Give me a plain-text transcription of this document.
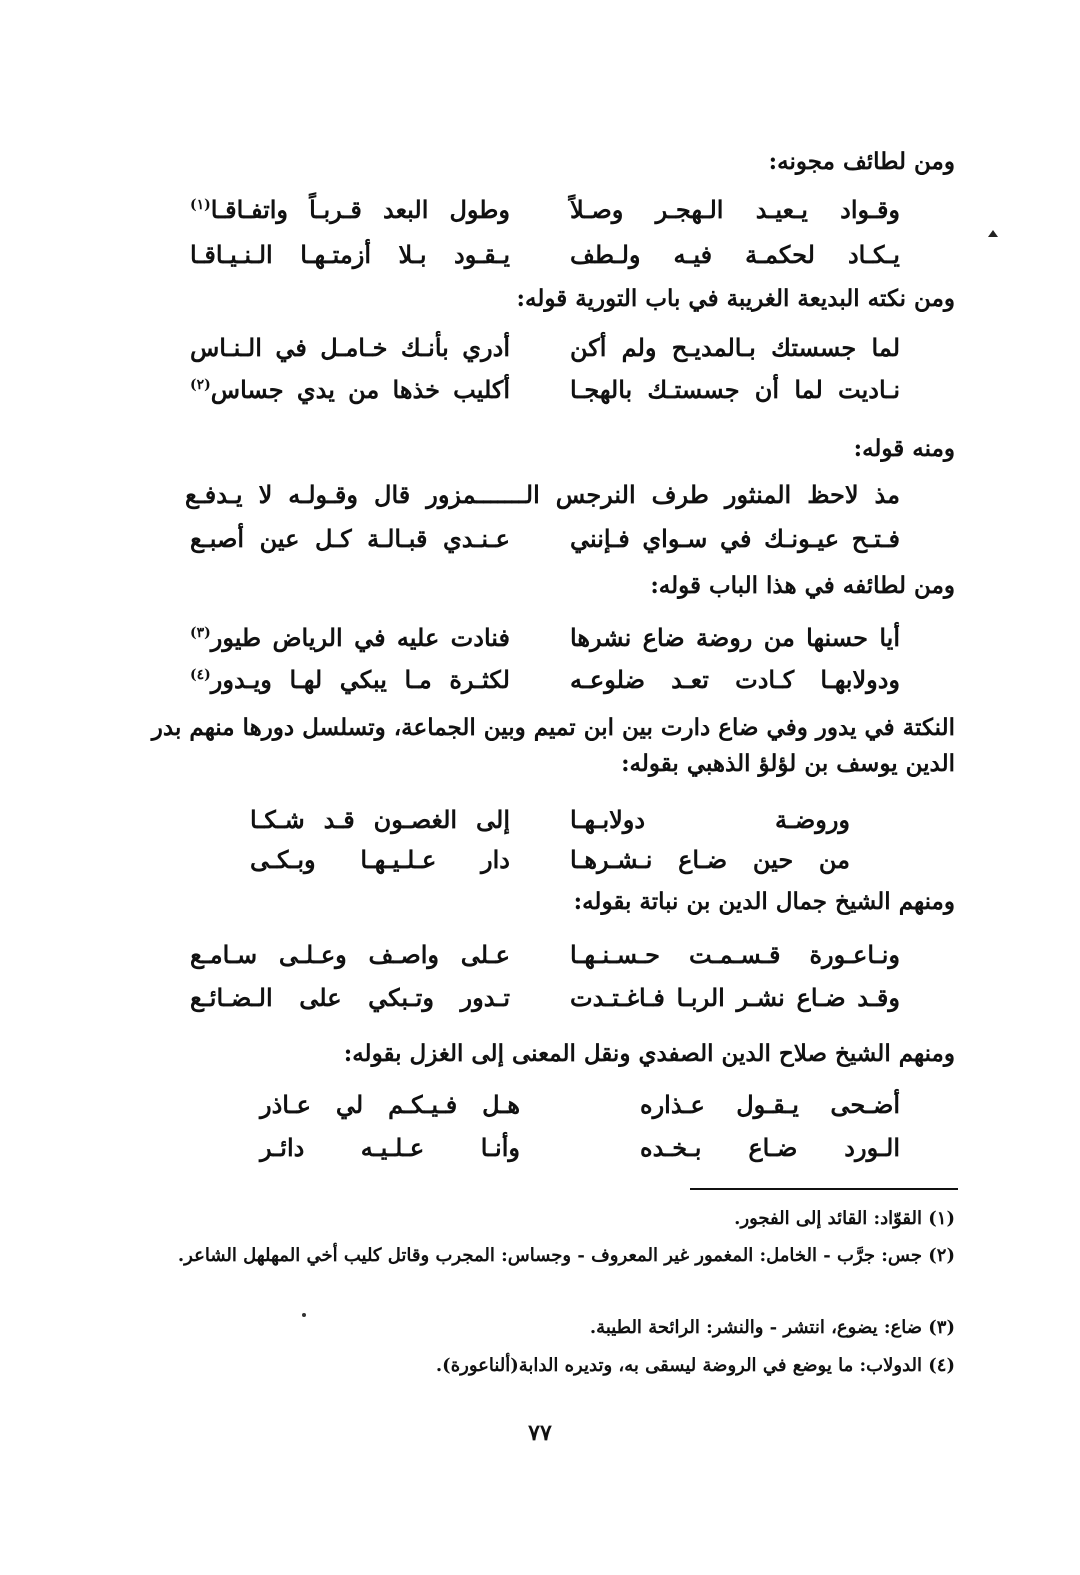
ومن لطائف مجونه:
وقـواد يـعيـد الـهجـر وصـلاً
وطول البعد قـربـاً واتفـاقـا$^{(١)}$
يـكـاد لحكمـة فيـه ولـطف
يـقـود بـلا أزمتـهـا الـنـيـاقـا
ومن نكته البديعة الغريبة في باب التورية قوله:
لما جسستك بـالمديـح ولم أكن
أدري بأنـك خـامـل في الـنـاس
نـاديت لما أن جسستـك بالهجـا
أكليب خذها من يدي جساس$^{(٢)}$
ومنه قوله:
مذ لاحظ المنثور طرف النرجس الـــــــمزور قال وقـولـه لا يـدفـع
فـتـح عيـونـك في سـواي فـإنني
عـنـدي قبـالـة كـل عين أصبـع
ومن لطائفه في هذا الباب قوله:
أيا حسنها من روضة ضاع نشرها
فنادت عليه في الرياض طيور$^{(٣)}$
ودولابهـا كـادت تعـد ضلوعـه
لكثـرة مـا يبكي لهـا ويـدور$^{(٤)}$
النكتة في يدور وفي ضاع دارت بين ابن تميم وبين الجماعة، وتسلسل دورها منهم بدر الدين يوسف بن لؤلؤ الذهبي بقوله:
وروضـة دولابـهـا
إلى الغصـون قـد شـكـا
من حين ضـاع نـشـرهـا
دار عـلـيـهـا وبـكـى
ومنهم الشيخ جمال الدين بن نباتة بقوله:
ونـاعـورة قـسـمـت حـسـنـهـا
عـلى واصـف وعـلـى سـامـع
وقـد ضـاع نشـر الربـا فـاغـتـدت
تـدور وتـبكي على الـضـائـع
ومنهم الشيخ صلاح الدين الصفدي ونقل المعنى إلى الغزل بقوله:
أضـحى يـقـول عـذاره
هـل فـيـكـم لي عـاذر
الـورد ضـاع بـخـده
وأنـا عـلـيـه دائـر
(١) القوّاد: القائد إلى الفجور.
(٢) جس: جرَّب - الخامل: المغمور غير المعروف - وجساس: المجرب وقاتل كليب أخي المهلهل الشاعر.
(٣) ضاع: يضوع، انتشر - والنشر: الرائحة الطيبة.
(٤) الدولاب: ما يوضع في الروضة ليسقى به، وتديره الدابة(ألناعورة).
٧٧
